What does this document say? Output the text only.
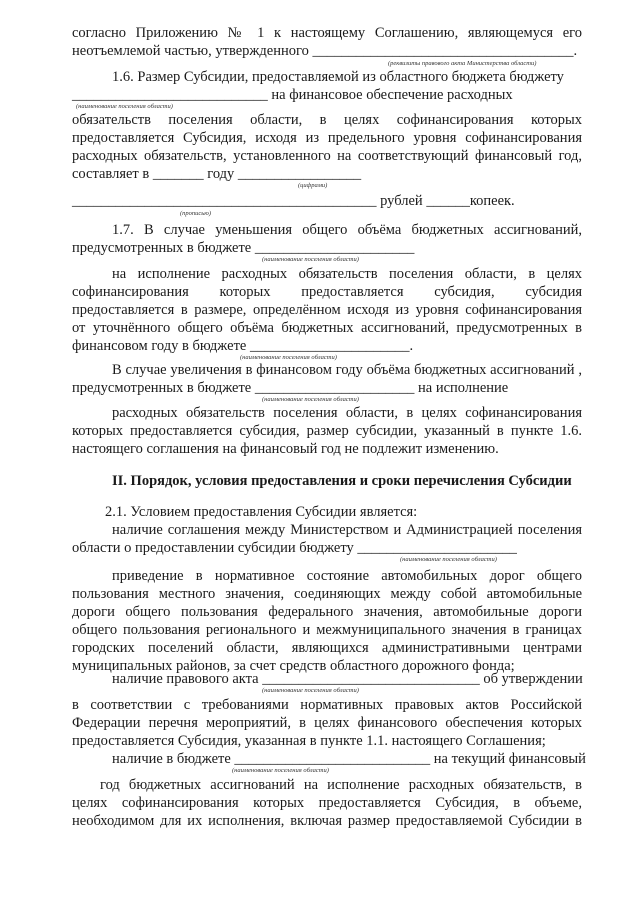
согласно Приложению № 1 к настоящему Соглашению, являющемуся его
неотъемлемой частью, утвержденного ____________________________________.
(реквизиты правового акта Министерства области)
1.6. Размер Субсидии, предоставляемой из областного бюджета бюджету
___________________________ на финансовое обеспечение расходных
(наименование поселения области)
обязательств поселения области, в целях софинансирования которых
предоставляется Субсидия, исходя из предельного уровня софинансирования
расходных обязательств, установленного на соответствующий финансовый год,
составляет в _______ году _________________
(цифрами)
__________________________________________ рублей ______копеек.
(прописью)
1.7. В случае уменьшения общего объёма бюджетных ассигнований,
предусмотренных в бюджете ______________________
(наименование поселения области)
на исполнение расходных обязательств поселения области, в целях
софинансирования которых предоставляется субсидия, субсидия
предоставляется в размере, определённом исходя из уровня софинансирования
от уточнённого общего объёма бюджетных ассигнований, предусмотренных в
финансовом году в бюджете ______________________.
(наименование поселения области)
В случае увеличения в финансовом году объёма бюджетных ассигнований ,
предусмотренных в бюджете ______________________ на исполнение
(наименование поселения области)
расходных обязательств поселения области, в целях софинансирования
которых предоставляется субсидия, размер субсидии, указанный в пункте 1.6.
настоящего соглашения на финансовый год не подлежит изменению.
II. Порядок, условия предоставления и сроки перечисления Субсидии
2.1. Условием предоставления Субсидии является:
наличие соглашения между Министерством и Администрацией поселения
области о предоставлении субсидии бюджету ______________________
(наименование поселения области)
приведение в нормативное состояние автомобильных дорог общего
пользования местного значения, соединяющих между собой автомобильные
дороги общего пользования федерального значения, автомобильные дороги
общего пользования регионального и межмуниципального значения в границах
городских поселений области, являющихся административными центрами
муниципальных районов, за счет средств областного дорожного фонда;
наличие правового акта ______________________________ об утверждении
(наименование поселения области)
в соответствии с требованиями нормативных правовых актов Российской
Федерации перечня мероприятий, в целях финансового обеспечения которых
предоставляется Субсидия, указанная в пункте 1.1. настоящего Соглашения;
наличие в бюджете ___________________________ на текущий финансовый
(наименование поселения области)
год бюджетных ассигнований на исполнение расходных обязательств, в
целях софинансирования которых предоставляется Субсидия, в объеме,
необходимом для их исполнения, включая размер предоставляемой Субсидии в
